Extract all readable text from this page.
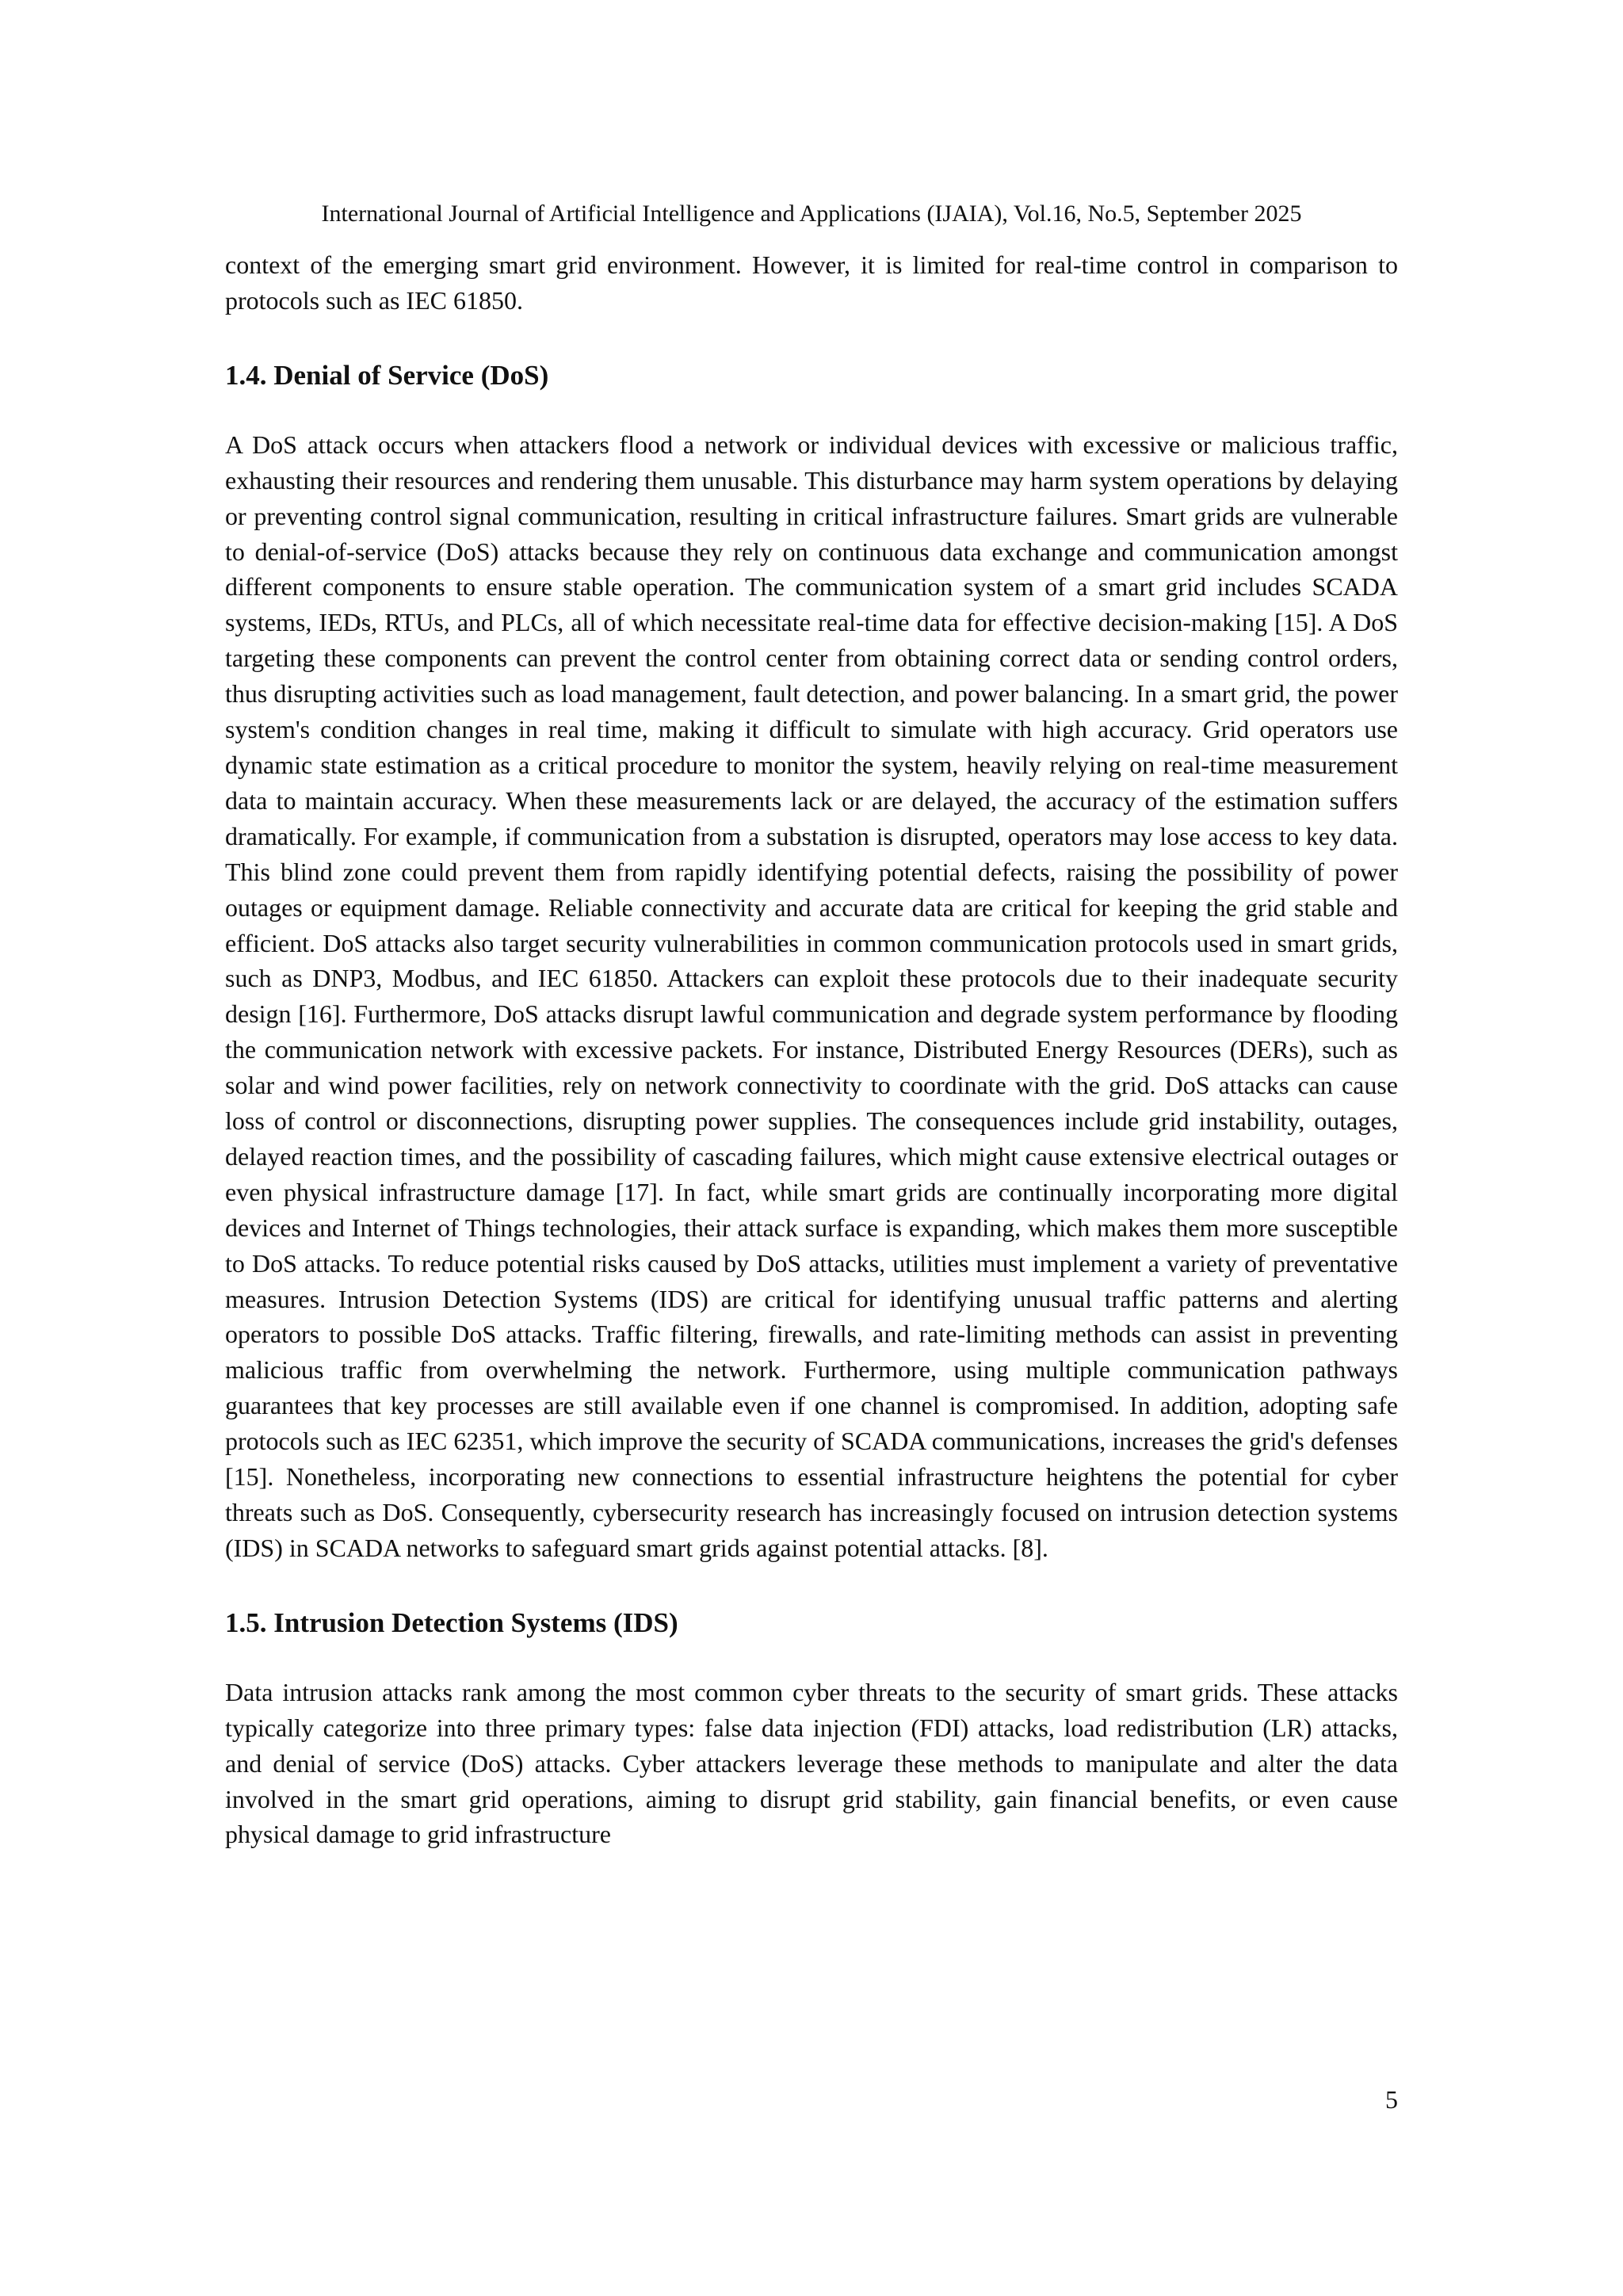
International Journal of Artificial Intelligence and Applications (IJAIA), Vol.16, No.5, September 2025

context of the emerging smart grid environment. However, it is limited for real-time control in comparison to protocols such as IEC 61850.

1.4. Denial of Service (DoS)

A DoS attack occurs when attackers flood a network or individual devices with excessive or malicious traffic, exhausting their resources and rendering them unusable. This disturbance may harm system operations by delaying or preventing control signal communication, resulting in critical infrastructure failures. Smart grids are vulnerable to denial-of-service (DoS) attacks because they rely on continuous data exchange and communication amongst different components to ensure stable operation. The communication system of a smart grid includes SCADA systems, IEDs, RTUs, and PLCs, all of which necessitate real-time data for effective decision-making [15]. A DoS targeting these components can prevent the control center from obtaining correct data or sending control orders, thus disrupting activities such as load management, fault detection, and power balancing. In a smart grid, the power system's condition changes in real time, making it difficult to simulate with high accuracy. Grid operators use dynamic state estimation as a critical procedure to monitor the system, heavily relying on real-time measurement data to maintain accuracy. When these measurements lack or are delayed, the accuracy of the estimation suffers dramatically. For example, if communication from a substation is disrupted, operators may lose access to key data. This blind zone could prevent them from rapidly identifying potential defects, raising the possibility of power outages or equipment damage. Reliable connectivity and accurate data are critical for keeping the grid stable and efficient. DoS attacks also target security vulnerabilities in common communication protocols used in smart grids, such as DNP3, Modbus, and IEC 61850. Attackers can exploit these protocols due to their inadequate security design [16]. Furthermore, DoS attacks disrupt lawful communication and degrade system performance by flooding the communication network with excessive packets. For instance, Distributed Energy Resources (DERs), such as solar and wind power facilities, rely on network connectivity to coordinate with the grid. DoS attacks can cause loss of control or disconnections, disrupting power supplies. The consequences include grid instability, outages, delayed reaction times, and the possibility of cascading failures, which might cause extensive electrical outages or even physical infrastructure damage [17]. In fact, while smart grids are continually incorporating more digital devices and Internet of Things technologies, their attack surface is expanding, which makes them more susceptible to DoS attacks. To reduce potential risks caused by DoS attacks, utilities must implement a variety of preventative measures. Intrusion Detection Systems (IDS) are critical for identifying unusual traffic patterns and alerting operators to possible DoS attacks. Traffic filtering, firewalls, and rate-limiting methods can assist in preventing malicious traffic from overwhelming the network. Furthermore, using multiple communication pathways guarantees that key processes are still available even if one channel is compromised. In addition, adopting safe protocols such as IEC 62351, which improve the security of SCADA communications, increases the grid's defenses [15]. Nonetheless, incorporating new connections to essential infrastructure heightens the potential for cyber threats such as DoS. Consequently, cybersecurity research has increasingly focused on intrusion detection systems (IDS) in SCADA networks to safeguard smart grids against potential attacks. [8].

1.5. Intrusion Detection Systems (IDS)

Data intrusion attacks rank among the most common cyber threats to the security of smart grids. These attacks typically categorize into three primary types: false data injection (FDI) attacks, load redistribution (LR) attacks, and denial of service (DoS) attacks. Cyber attackers leverage these methods to manipulate and alter the data involved in the smart grid operations, aiming to disrupt grid stability, gain financial benefits, or even cause physical damage to grid infrastructure

5
